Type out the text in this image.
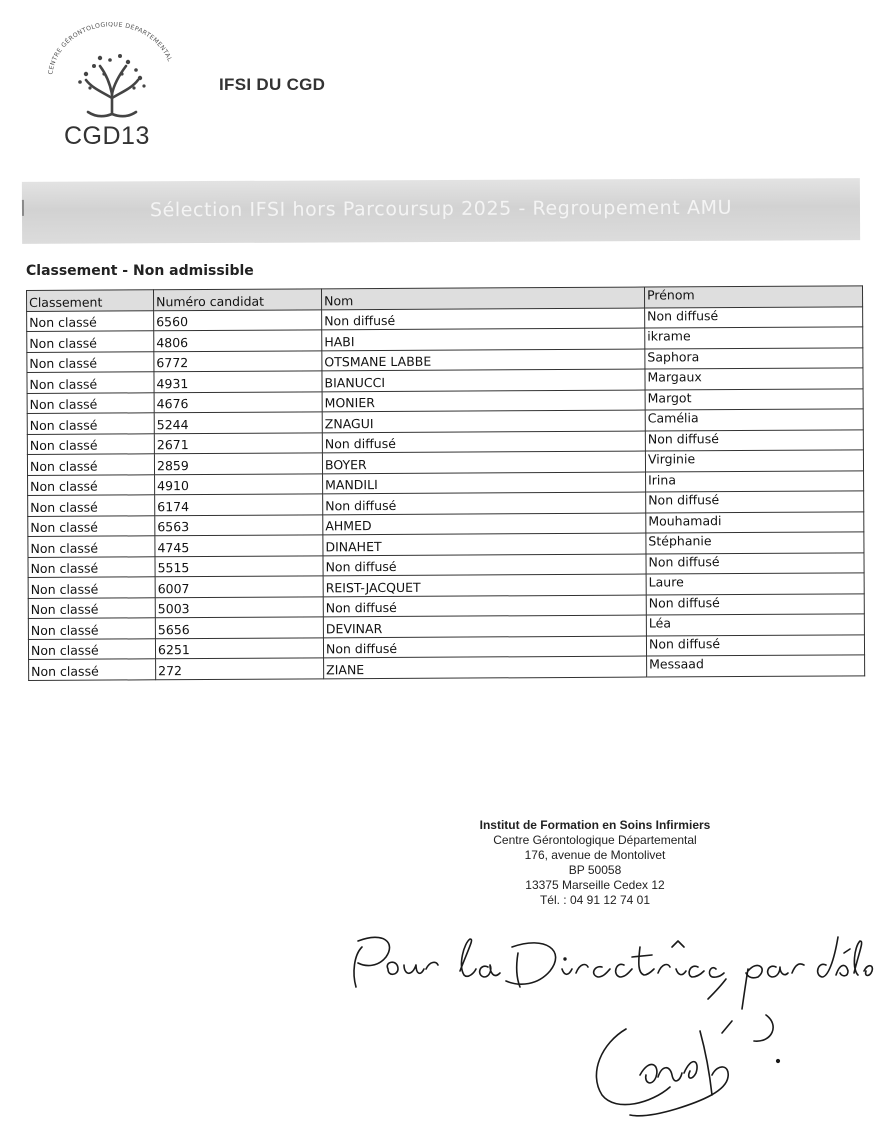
CENTRE GÉRONTOLOGIQUE DÉPARTEMENTAL
CGD13
IFSI DU CGD
Sélection IFSI hors Parcoursup 2025 - Regroupement AMU
Classement - Non admissible
Classement	Numéro candidat	Nom	Prénom
Non classé	6560	Non diffusé	Non diffusé
Non classé	4806	HABI	ikrame
Non classé	6772	OTSMANE LABBE	Saphora
Non classé	4931	BIANUCCI	Margaux
Non classé	4676	MONIER	Margot
Non classé	5244	ZNAGUI	Camélia
Non classé	2671	Non diffusé	Non diffusé
Non classé	2859	BOYER	Virginie
Non classé	4910	MANDILI	Irina
Non classé	6174	Non diffusé	Non diffusé
Non classé	6563	AHMED	Mouhamadi
Non classé	4745	DINAHET	Stéphanie
Non classé	5515	Non diffusé	Non diffusé
Non classé	6007	REIST-JACQUET	Laure
Non classé	5003	Non diffusé	Non diffusé
Non classé	5656	DEVINAR	Léa
Non classé	6251	Non diffusé	Non diffusé
Non classé	272	ZIANE	Messaad
Institut de Formation en Soins Infirmiers
Centre Gérontologique Départemental
176, avenue de Montolivet
BP 50058
13375 Marseille Cedex 12
Tél. : 04 91 12 74 01
